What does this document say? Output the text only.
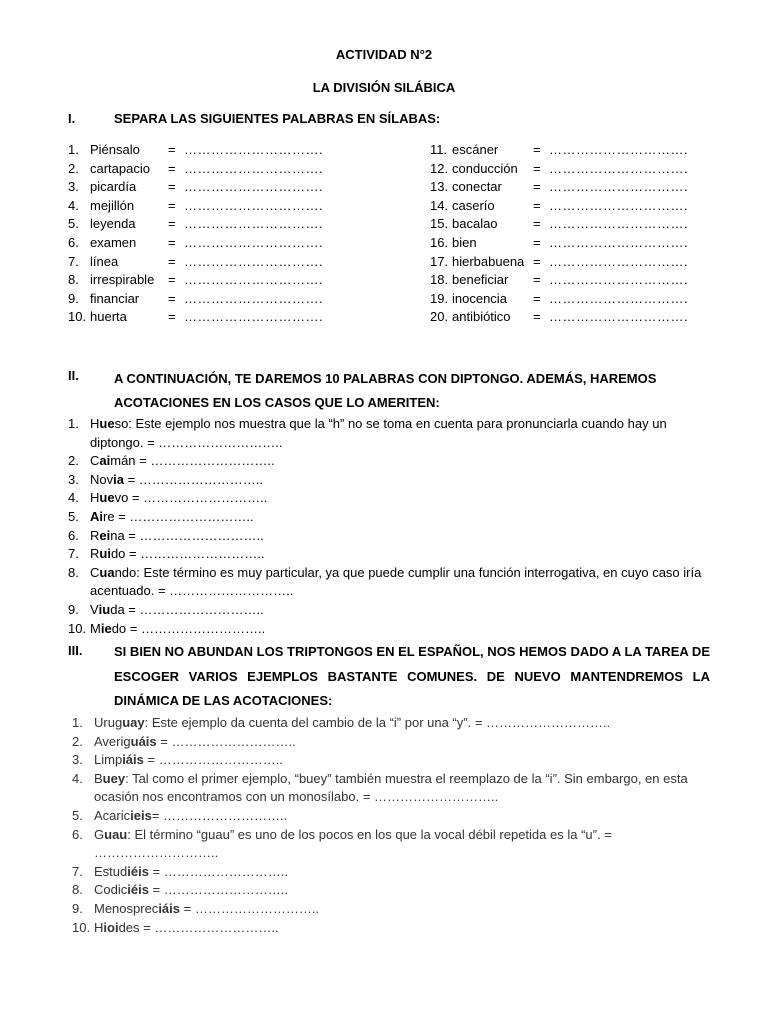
ACTIVIDAD N°2
LA DIVISIÓN SILÁBICA
I.	SEPARA LAS SIGUIENTES PALABRAS EN SÍLABAS:
1. Piénsalo	= ………………………….
2. cartapacio	= ………………………….
3. picardía	= ………………………….
4. mejillón	= ………………………….
5. leyenda	= ………………………….
6. examen	= ………………………….
7. línea	= ………………………….
8. irrespirable	= ………………………….
9. financiar	= ………………………….
10. huerta	= ………………………….
11. escáner	= ………………………….
12. conducción	= ………………………….
13. conectar	= ………………………….
14. caserío	= ………………………….
15. bacalao	= ………………………….
16. bien	= ………………………….
17. hierbabuena = ………………………….
18. beneficiar	= ………………………….
19. inocencia	= ………………………….
20. antibiótico	= ………………………….
II.	A CONTINUACIÓN, TE DAREMOS 10 PALABRAS CON DIPTONGO. ADEMÁS, HAREMOS
ACOTACIONES EN LOS CASOS QUE LO AMERITEN:
1. Hueso: Este ejemplo nos muestra que la “h” no se toma en cuenta para pronunciarla cuando hay un diptongo. = ………………………..
2. Caimán = ………………………..
3. Novia = ………………………..
4. Huevo = ………………………..
5. Aire = ………………………..
6. Reina = ………………………..
7. Ruido = ………………………..
8. Cuando: Este término es muy particular, ya que puede cumplir una función interrogativa, en cuyo caso iría acentuado. = ………………………..
9. Viuda = ………………………..
10. Miedo = ………………………..
III. SI BIEN NO ABUNDAN LOS TRIPTONGOS EN EL ESPAÑOL, NOS HEMOS DADO A LA TAREA DE ESCOGER VARIOS EJEMPLOS BASTANTE COMUNES. DE NUEVO MANTENDREMOS LA DINÁMICA DE LAS ACOTACIONES:
1. Uruguay: Este ejemplo da cuenta del cambio de la “i” por una “y”. = ………………………..
2. Averiguáis = ………………………..
3. Limpiáis = ………………………..
4. Buey: Tal como el primer ejemplo, “buey” también muestra el reemplazo de la “i”. Sin embargo, en esta ocasión nos encontramos con un monosílabo. = ………………………..
5. Acaricieis= ………………………..
6. Guau: El término “guau” es uno de los pocos en los que la vocal débil repetida es la “u”. = ………………………..
7. Estudiéis = ………………………..
8. Codiciéis = ………………………..
9. Menospreciáis = ………………………..
10. Hioides = ………………………..
